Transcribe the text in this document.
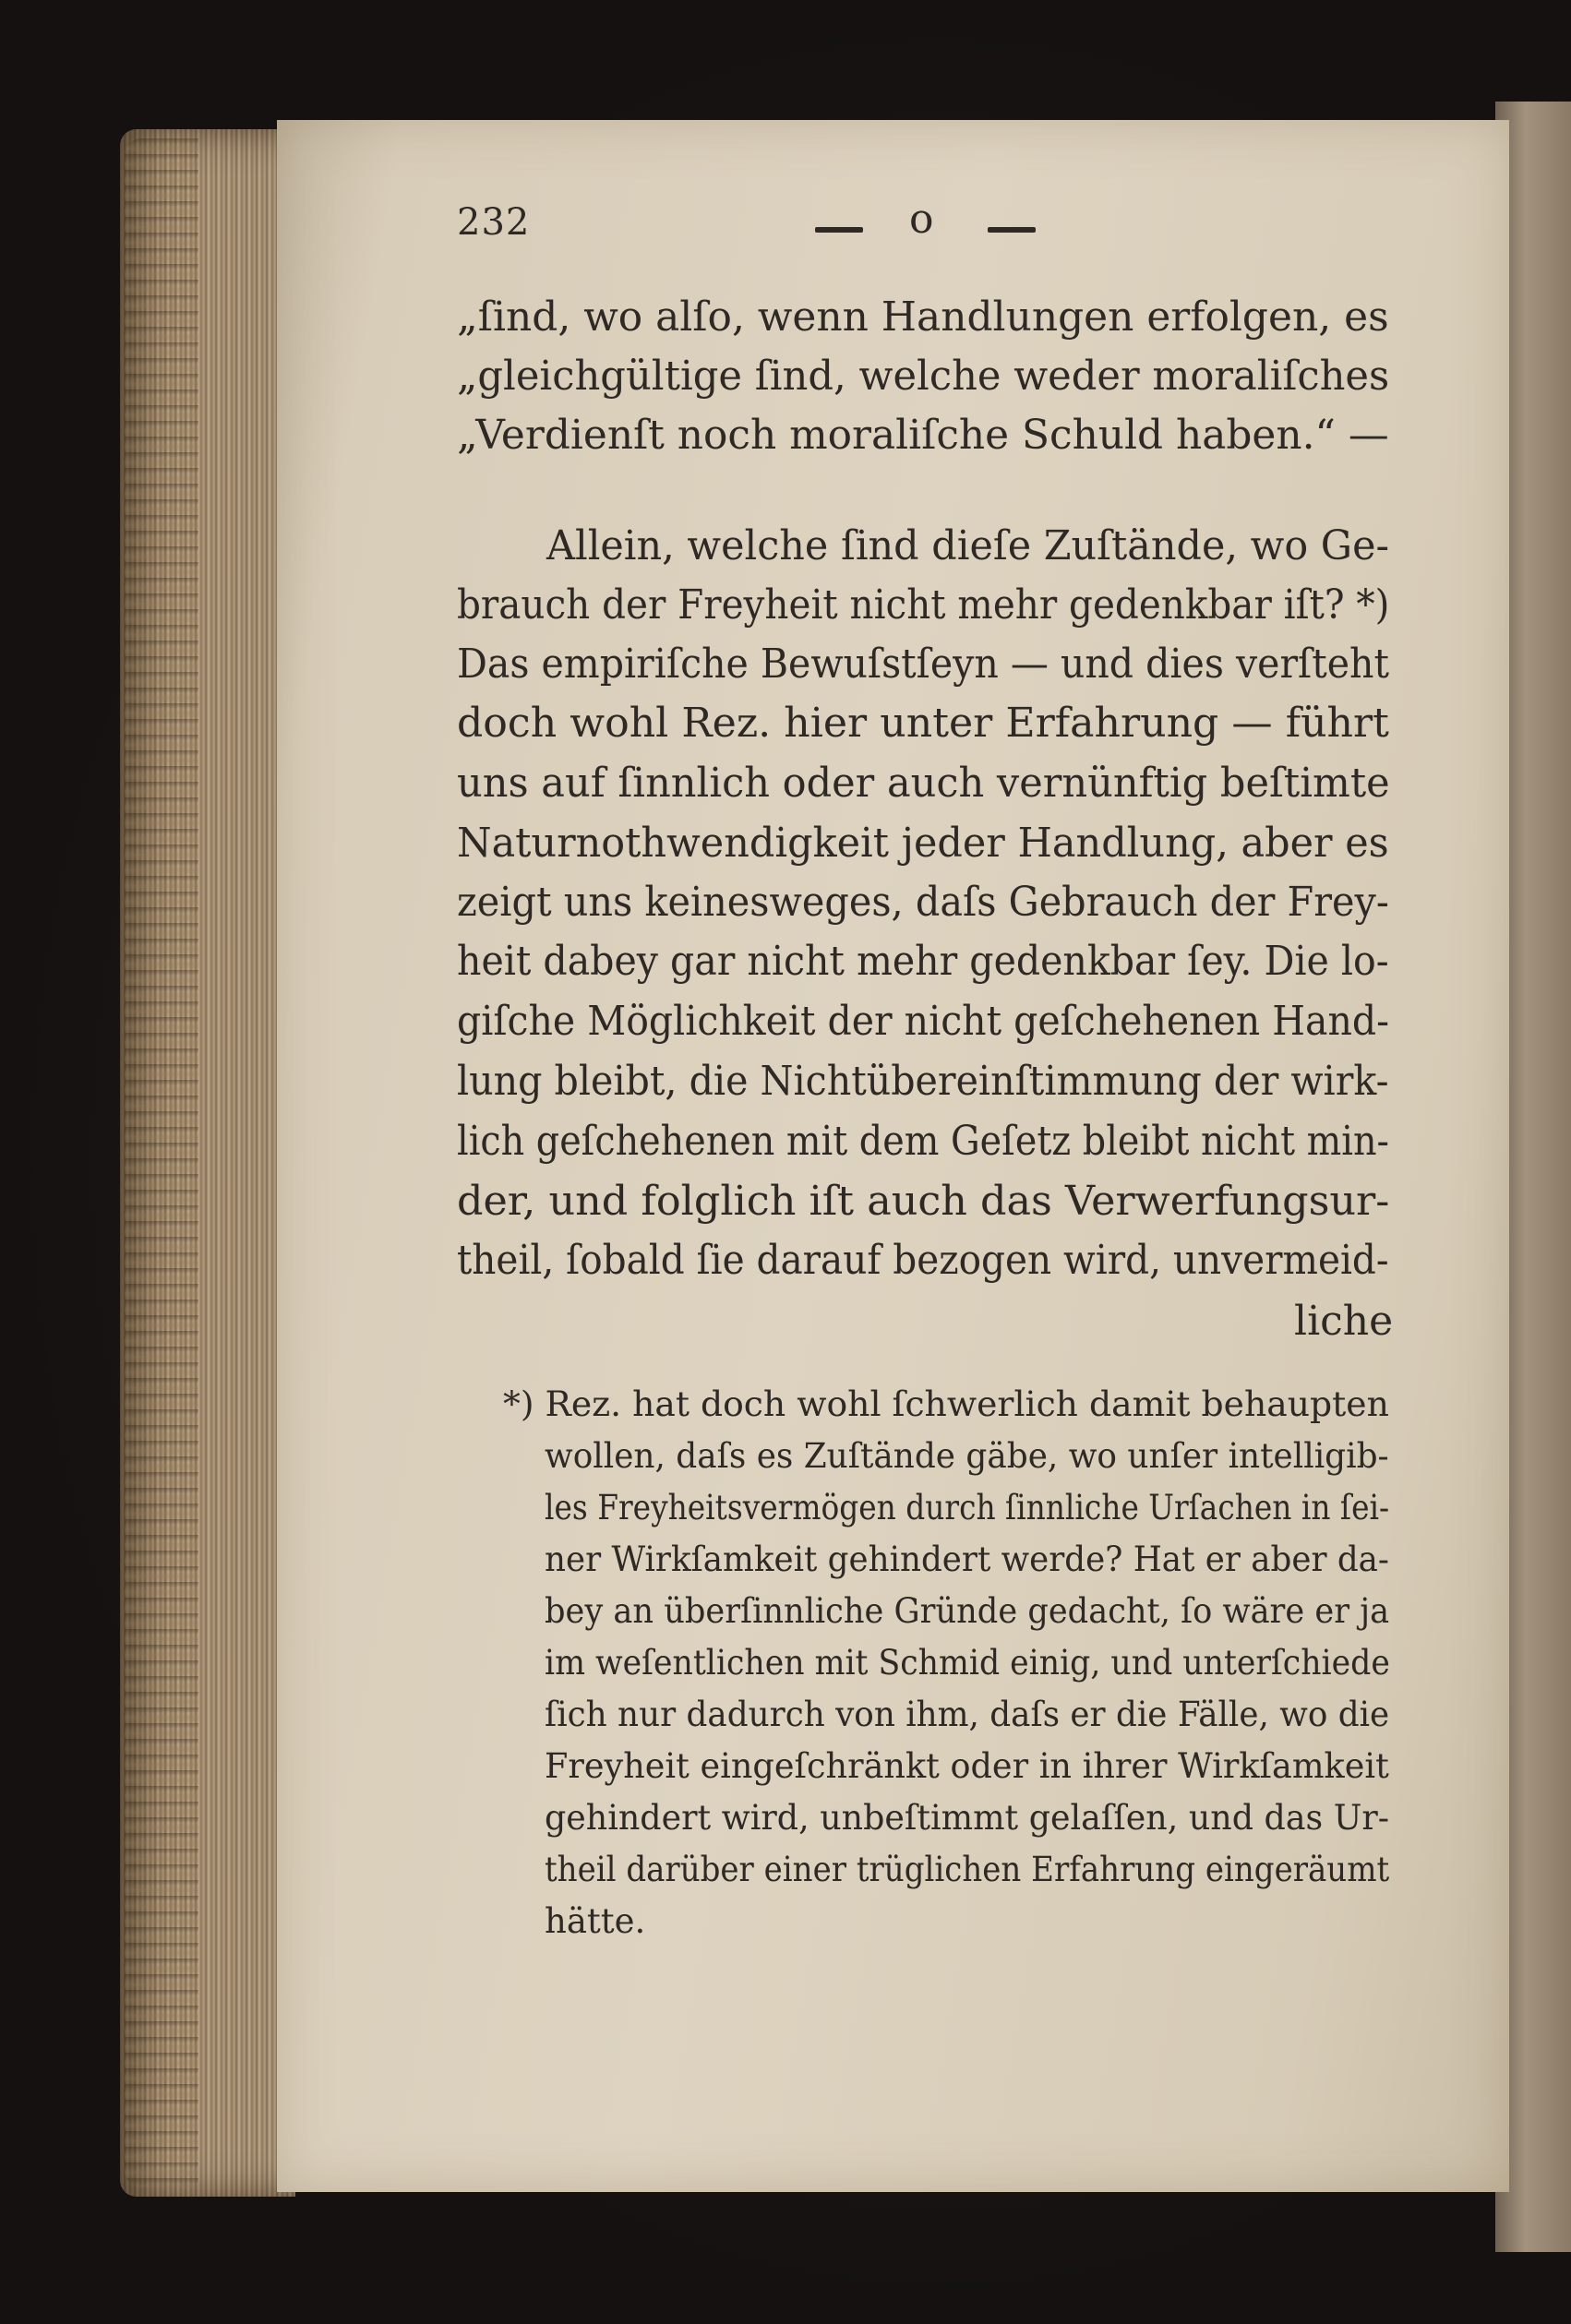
232	o
„ſind, wo alſo, wenn Handlungen erfolgen, es
„gleichgültige ſind, welche weder moraliſches
„Verdienſt noch moraliſche Schuld haben.“ —
Allein, welche ſind dieſe Zuſtände, wo Ge-
brauch der Freyheit nicht mehr gedenkbar iſt? *)
Das empiriſche Bewuſstſeyn — und dies verſteht
doch wohl Rez. hier unter Erfahrung — führt
uns auf ſinnlich oder auch vernünftig beſtimte
Naturnothwendigkeit jeder Handlung, aber es
zeigt uns keinesweges, daſs Gebrauch der Frey-
heit dabey gar nicht mehr gedenkbar ſey. Die lo-
giſche Möglichkeit der nicht geſchehenen Hand-
lung bleibt, die Nichtübereinſtimmung der wirk-
lich geſchehenen mit dem Geſetz bleibt nicht min-
der, und folglich iſt auch das Verwerfungsur-
theil, ſobald ſie darauf bezogen wird, unvermeid-
liche
*) Rez. hat doch wohl ſchwerlich damit behaupten
wollen, daſs es Zuſtände gäbe, wo unſer intelligib-
les Freyheitsvermögen durch ſinnliche Urſachen in ſei-
ner Wirkſamkeit gehindert werde? Hat er aber da-
bey an überſinnliche Gründe gedacht, ſo wäre er ja
im weſentlichen mit Schmid einig, und unterſchiede
ſich nur dadurch von ihm, daſs er die Fälle, wo die
Freyheit eingeſchränkt oder in ihrer Wirkſamkeit
gehindert wird, unbeſtimmt gelaſſen, und das Ur-
theil darüber einer trüglichen Erfahrung eingeräumt
hätte.
